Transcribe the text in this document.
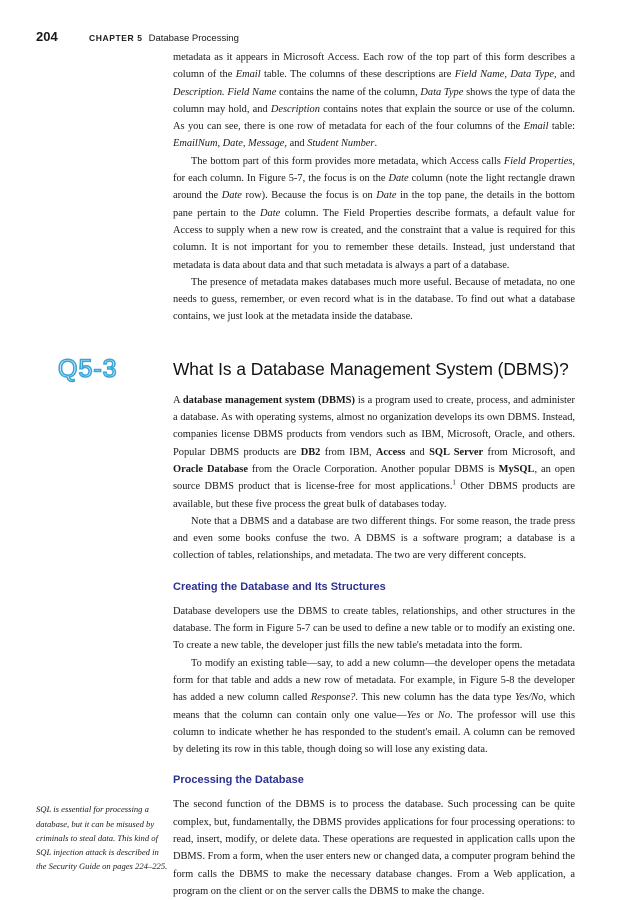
204	CHAPTER 5 Database Processing

metadata as it appears in Microsoft Access. Each row of the top part of this form describes a column of the Email table. The columns of these descriptions are Field Name, Data Type, and Description. Field Name contains the name of the column, Data Type shows the type of data the column may hold, and Description contains notes that explain the source or use of the column. As you can see, there is one row of metadata for each of the four columns of the Email table: EmailNum, Date, Message, and Student Number.

The bottom part of this form provides more metadata, which Access calls Field Properties, for each column. In Figure 5-7, the focus is on the Date column (note the light rectangle drawn around the Date row). Because the focus is on Date in the top pane, the details in the bottom pane pertain to the Date column. The Field Properties describe formats, a default value for Access to supply when a new row is created, and the constraint that a value is required for this column. It is not important for you to remember these details. Instead, just understand that metadata is data about data and that such metadata is always a part of a database.

The presence of metadata makes databases much more useful. Because of metadata, no one needs to guess, remember, or even record what is in the database. To find out what a database contains, we just look at the metadata inside the database.

Q5-3	What Is a Database Management System (DBMS)?

A database management system (DBMS) is a program used to create, process, and administer a database. As with operating systems, almost no organization develops its own DBMS. Instead, companies license DBMS products from vendors such as IBM, Microsoft, Oracle, and others. Popular DBMS products are DB2 from IBM, Access and SQL Server from Microsoft, and Oracle Database from the Oracle Corporation. Another popular DBMS is MySQL, an open source DBMS product that is license-free for most applications.$^1$ Other DBMS products are available, but these five process the great bulk of databases today.

Note that a DBMS and a database are two different things. For some reason, the trade press and even some books confuse the two. A DBMS is a software program; a database is a collection of tables, relationships, and metadata. The two are very different concepts.

Creating the Database and Its Structures

Database developers use the DBMS to create tables, relationships, and other structures in the database. The form in Figure 5-7 can be used to define a new table or to modify an existing one. To create a new table, the developer just fills the new table's metadata into the form.

To modify an existing table—say, to add a new column—the developer opens the metadata form for that table and adds a new row of metadata. For example, in Figure 5-8 the developer has added a new column called Response?. This new column has the data type Yes/No, which means that the column can contain only one value—Yes or No. The professor will use this column to indicate whether he has responded to the student's email. A column can be removed by deleting its row in this table, though doing so will lose any existing data.

Processing the Database
SQL is essential for processing a database, but it can be misused by criminals to steal data. This kind of SQL injection attack is described in the Security Guide on pages 224–225.

The second function of the DBMS is to process the database. Such processing can be quite complex, but, fundamentally, the DBMS provides applications for four processing operations: to read, insert, modify, or delete data. These operations are requested in application calls upon the DBMS. From a form, when the user enters new or changed data, a computer program behind the form calls the DBMS to make the necessary database changes. From a Web application, a program on the client or on the server calls the DBMS to make the change.
